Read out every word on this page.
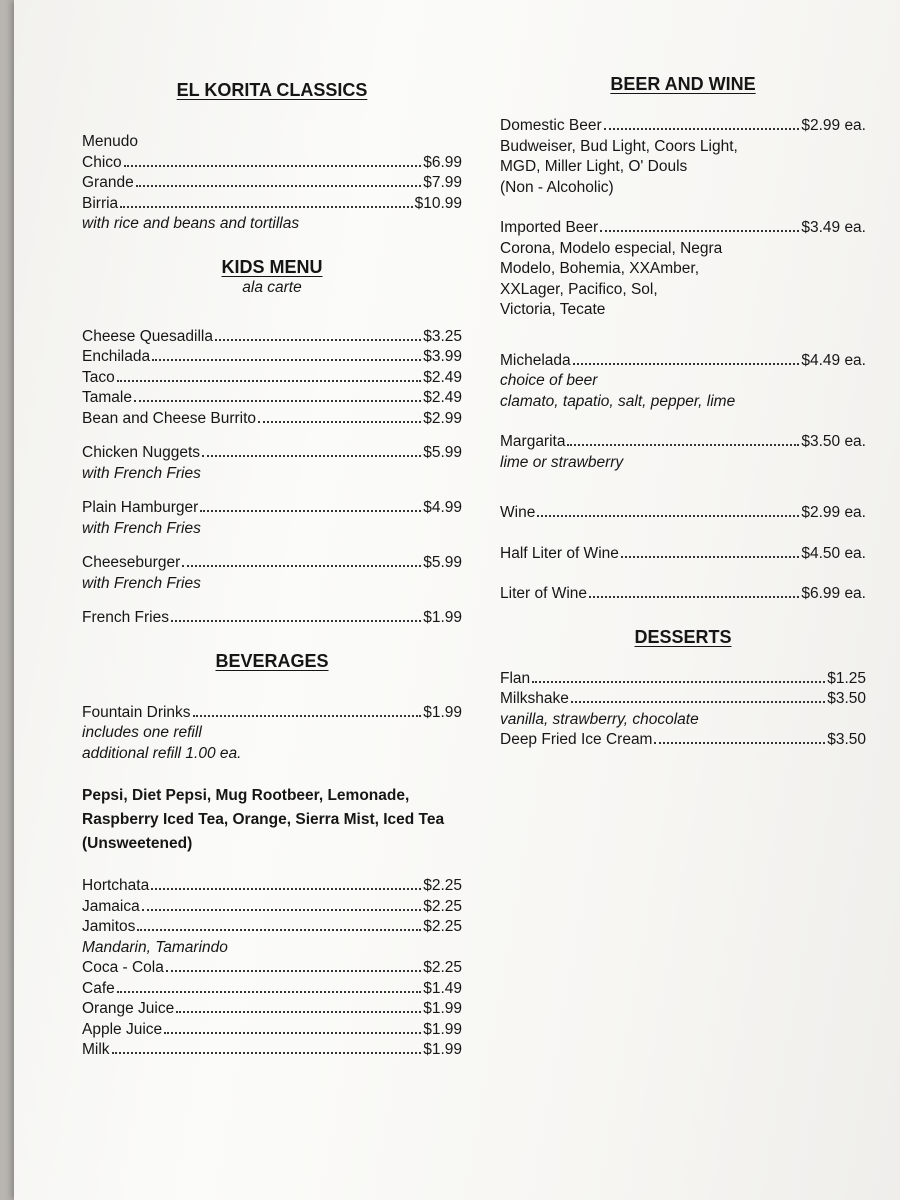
EL KORITA CLASSICS
Menudo
Chico	$6.99
Grande	$7.99
Birria	$10.99
with rice and beans and tortillas
KIDS MENU
ala carte
Cheese Quesadilla	$3.25
Enchilada	$3.99
Taco	$2.49
Tamale	$2.49
Bean and Cheese Burrito	$2.99
Chicken Nuggets	$5.99
with French Fries
Plain Hamburger	$4.99
with French Fries
Cheeseburger	$5.99
with French Fries
French Fries	$1.99
BEVERAGES
Fountain Drinks	$1.99
includes one refill
additional refill 1.00 ea.
Pepsi, Diet Pepsi, Mug Rootbeer, Lemonade, Raspberry Iced Tea, Orange, Sierra Mist, Iced Tea (Unsweetened)
Hortchata	$2.25
Jamaica	$2.25
Jamitos	$2.25
Mandarin, Tamarindo
Coca - Cola	$2.25
Cafe	$1.49
Orange Juice	$1.99
Apple Juice	$1.99
Milk	$1.99
BEER AND WINE
Domestic Beer	$2.99 ea.
Budweiser, Bud Light, Coors Light,
MGD, Miller Light, O' Douls
(Non - Alcoholic)
Imported Beer	$3.49 ea.
Corona, Modelo especial, Negra
Modelo, Bohemia, XXAmber,
XXLager, Pacifico, Sol,
Victoria, Tecate
Michelada	$4.49 ea.
choice of beer
clamato, tapatio, salt, pepper, lime
Margarita	$3.50 ea.
lime or strawberry
Wine	$2.99 ea.
Half Liter of Wine	$4.50 ea.
Liter of Wine	$6.99 ea.
DESSERTS
Flan	$1.25
Milkshake	$3.50
vanilla, strawberry, chocolate
Deep Fried Ice Cream	$3.50
